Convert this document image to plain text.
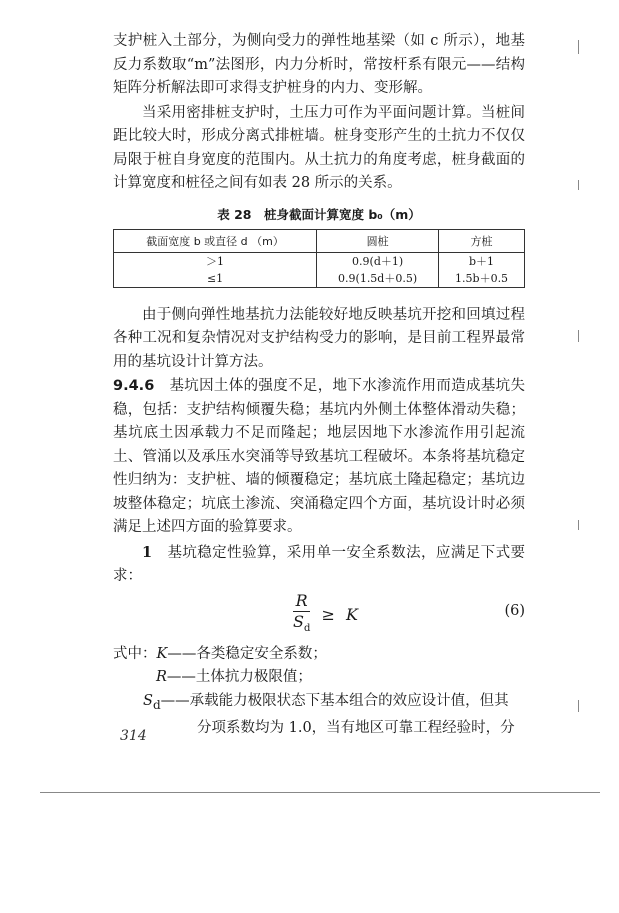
支护桩入土部分，为侧向受力的弹性地基梁（如 c 所示），地基反力系数取“m”法图形，内力分析时，常按杆系有限元——结构矩阵分析解法即可求得支护桩身的内力、变形解。

当采用密排桩支护时，土压力可作为平面问题计算。当桩间距比较大时，形成分离式排桩墙。桩身变形产生的土抗力不仅仅局限于桩自身宽度的范围内。从土抗力的角度考虑，桩身截面的计算宽度和桩径之间有如表 28 所示的关系。

表 28　桩身截面计算宽度 b₀（m）
截面宽度 b 或直径 d （m）	圆桩	方桩
＞1	0.9(d＋1)	b＋1
≤1	0.9(1.5d＋0.5)	1.5b＋0.5

由于侧向弹性地基抗力法能较好地反映基坑开挖和回填过程各种工况和复杂情况对支护结构受力的影响，是目前工程界最常用的基坑设计计算方法。

9.4.6　 基坑因土体的强度不足，地下水渗流作用而造成基坑失稳，包括：支护结构倾覆失稳；基坑内外侧土体整体滑动失稳；基坑底土因承载力不足而隆起；地层因地下水渗流作用引起流土、管涌以及承压水突涌等导致基坑工程破坏。本条将基坑稳定性归纳为：支护桩、墙的倾覆稳定；基坑底土隆起稳定；基坑边坡整体稳定；坑底土渗流、突涌稳定四个方面，基坑设计时必须满足上述四方面的验算要求。

1　 基坑稳定性验算，采用单一安全系数法，应满足下式要求：

$\frac{R}{S_d} \ge K$	(6)

式中：K——各类稳定安全系数；

R——土体抗力极限值；

$S_d——$承载能力极限状态下基本组合的效应设计值，但其

分项系数均为 1.0，当有地区可靠工程经验时，分

314
